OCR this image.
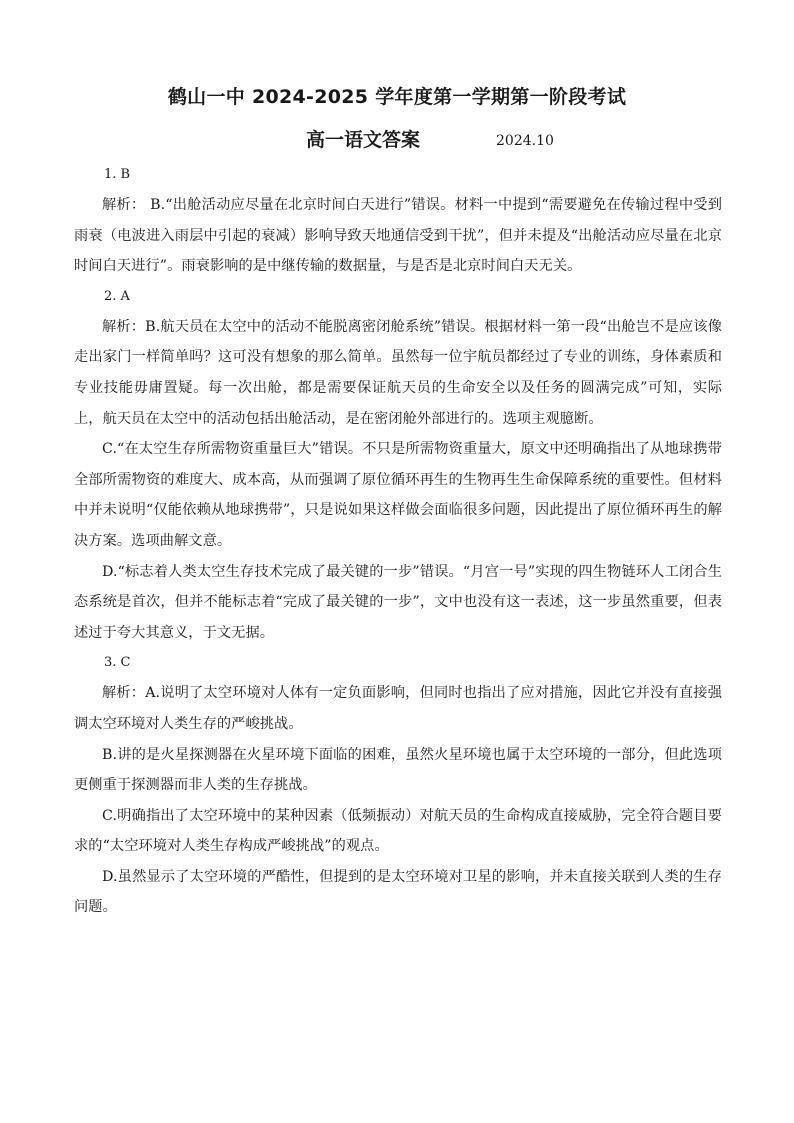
鹤山一中 2024-2025 学年度第一学期第一阶段考试
高一语文答案	2024.10

1. B

解析： B.“出舱活动应尽量在北京时间白天进行”错误。材料一中提到“需要避免在传输过程中受到雨衰（电波进入雨层中引起的衰减）影响导致天地通信受到干扰”，但并未提及“出舱活动应尽量在北京时间白天进行”。雨衰影响的是中继传输的数据量，与是否是北京时间白天无关。

2. A

解析：B.航天员在太空中的活动不能脱离密闭舱系统”错误。根据材料一第一段“出舱岂不是应该像走出家门一样简单吗？这可没有想象的那么简单。虽然每一位宇航员都经过了专业的训练，身体素质和专业技能毋庸置疑。每一次出舱，都是需要保证航天员的生命安全以及任务的圆满完成”可知，实际上，航天员在太空中的活动包括出舱活动，是在密闭舱外部进行的。选项主观臆断。

C.“在太空生存所需物资重量巨大”错误。不只是所需物资重量大，原文中还明确指出了从地球携带全部所需物资的难度大、成本高，从而强调了原位循环再生的生物再生生命保障系统的重要性。但材料中并未说明“仅能依赖从地球携带”，只是说如果这样做会面临很多问题，因此提出了原位循环再生的解决方案。选项曲解文意。

D.“标志着人类太空生存技术完成了最关键的一步”错误。“月宫一号”实现的四生物链环人工闭合生态系统是首次，但并不能标志着“完成了最关键的一步”，文中也没有这一表述，这一步虽然重要，但表述过于夸大其意义，于文无据。

3. C

解析：A.说明了太空环境对人体有一定负面影响，但同时也指出了应对措施，因此它并没有直接强调太空环境对人类生存的严峻挑战。

B.讲的是火星探测器在火星环境下面临的困难，虽然火星环境也属于太空环境的一部分，但此选项更侧重于探测器而非人类的生存挑战。

C.明确指出了太空环境中的某种因素（低频振动）对航天员的生命构成直接威胁，完全符合题目要求的“太空环境对人类生存构成严峻挑战”的观点。

D.虽然显示了太空环境的严酷性，但提到的是太空环境对卫星的影响，并未直接关联到人类的生存问题。
